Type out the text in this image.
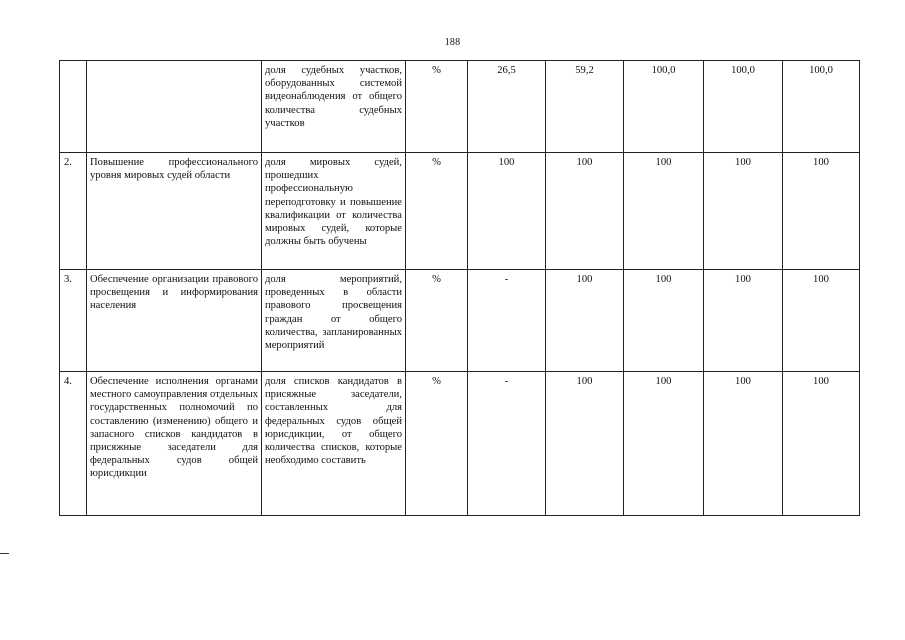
188
		доля судебных участков, оборудованных системой видеонаблюдения от общего количества судебных участков	%	26,5	59,2	100,0	100,0	100,0
2.	Повышение профессионального уровня мировых судей области	доля мировых судей, прошедших профессиональную переподготовку и повышение квалификации от количества мировых судей, которые должны быть обучены	%	100	100	100	100	100
3.	Обеспечение организации правового просвещения и информирования населения	доля мероприятий, проведенных в области правового просвещения граждан от общего количества, запланированных мероприятий	%	-	100	100	100	100
4.	Обеспечение исполнения органами местного самоуправления отдельных государственных полномочий по составлению (изменению) общего и запасного списков кандидатов в присяжные заседатели для федеральных судов общей юрисдикции	доля списков кандидатов в присяжные заседатели, составленных для федеральных судов общей юрисдикции, от общего количества списков, которые необходимо составить	%	-	100	100	100	100
